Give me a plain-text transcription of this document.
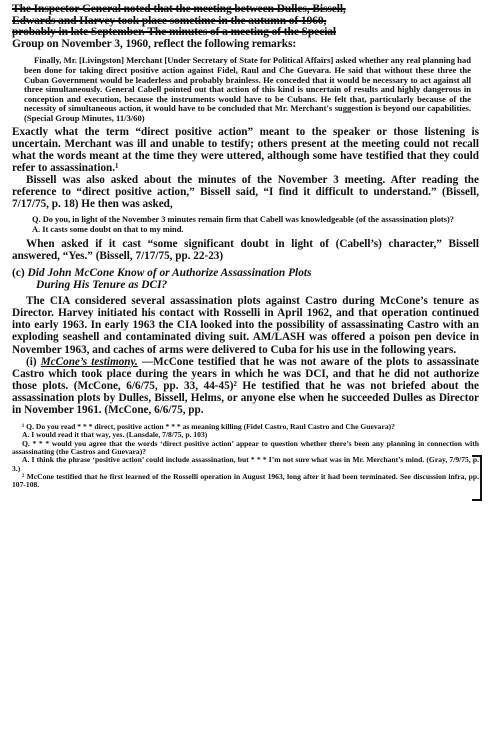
The Inspector General noted that the meeting between Dulles, Bissell,

Edwards and Harvey took place sometime in the autumn of 1960,

probably in late September. The minutes of a meeting of the Special

Group on November 3, 1960, reflect the following remarks:

Finally, Mr. [Livingston] Merchant [Under Secretary of State for Political Affairs] asked whether any real planning had been done for taking direct positive action against Fidel, Raul and Che Guevara. He said that without these three the Cuban Government would be leaderless and probably brainless. He conceded that it would be necessary to act against all three simultaneously. General Cabell pointed out that action of this kind is uncertain of results and highly dangerous in conception and execution, because the instruments would have to be Cubans. He felt that, particularly because of the necessity of simultaneous action, it would have to be concluded that Mr. Merchant's suggestion is beyond our capabilities. (Special Group Minutes, 11/3/60)

Exactly what the term “direct positive action” meant to the speaker or those listening is uncertain. Merchant was ill and unable to testify; others present at the meeting could not recall what the words meant at the time they were uttered, although some have testified that they could refer to assassination.¹

Bissell was also asked about the minutes of the November 3 meeting. After reading the reference to “direct positive action,” Bissell said, “I find it difficult to understand.” (Bissell, 7/17/75, p. 18) He then was asked,

Q. Do you, in light of the November 3 minutes remain firm that Cabell was knowledgeable (of the assassination plots)?

A. It casts some doubt on that to my mind.

When asked if it cast “some significant doubt in light of (Cabell’s) character,” Bissell answered, “Yes.” (Bissell, 7/17/75, pp. 22-23)

(c) Did John McCone Know of or Authorize Assassination Plots
During His Tenure as DCI?

The CIA considered several assassination plots against Castro during McCone’s tenure as Director. Harvey initiated his contact with Rosselli in April 1962, and that operation continued into early 1963. In early 1963 the CIA looked into the possibility of assassinating Castro with an exploding seashell and contaminated diving suit. AM/LASH was offered a poison pen device in November 1963, and caches of arms were delivered to Cuba for his use in the following years.

(i) McCone’s testimony. —McCone testified that he was not aware of the plots to assassinate Castro which took place during the years in which he was DCI, and that he did not authorize those plots. (McCone, 6/6/75, pp. 33, 44-45)² He testified that he was not briefed about the assassination plots by Dulles, Bissell, Helms, or anyone else when he succeeded Dulles as Director in November 1961. (McCone, 6/6/75, pp.

¹ Q. Do you read * * * direct, positive action * * * as meaning killing (Fidel Castro, Raul Castro and Che Guevara)?

A. I would read it that way, yes. (Lansdale, 7/8/75, p. 103)

Q. * * * would you agree that the words ‘direct positive action’ appear to question whether there’s been any planning in connection with assassinating (the Castros and Guevara)?

A. I think the phrase ‘positive action’ could include assassination, but * * * I’m not sure what was in Mr. Merchant’s mind. (Gray, 7/9/75, p. 3.)

² McCone testified that he first learned of the Rosselli operation in August 1963, long after it had been terminated. See discussion infra, pp. 107-108.
